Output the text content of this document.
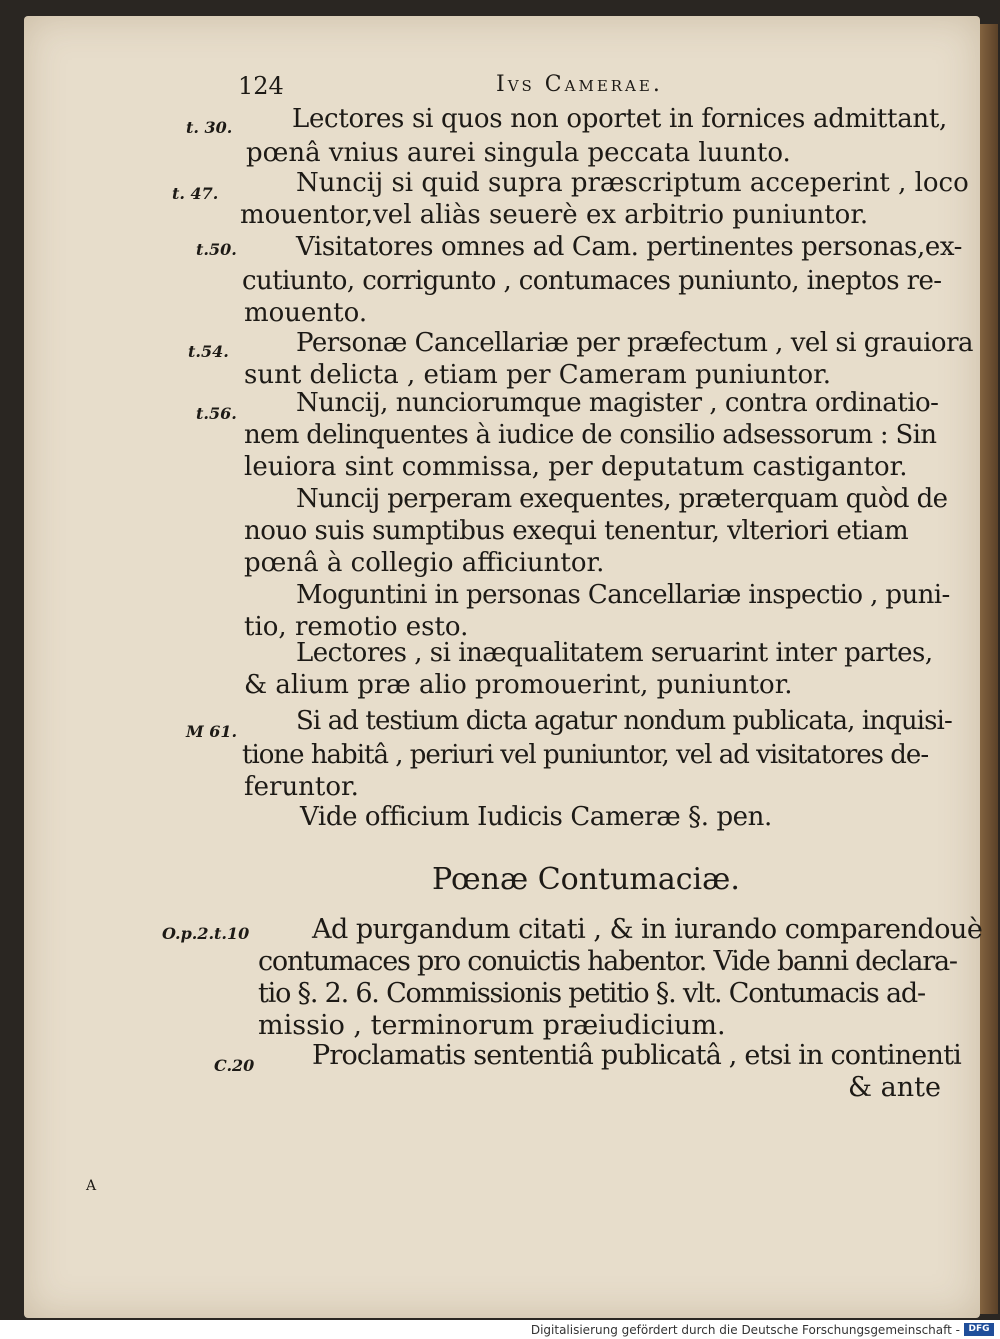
124	Ivs Camerae.
t. 30. Lectores si quos non oportet in fornices admittant,
pœnâ vnius aurei singula peccata luunto.
t. 47.	Nuncij si quid supra præscriptum acceperint , loco
mouentor,vel aliàs seuerè ex arbitrio puniuntor.
t.50. Visitatores omnes ad Cam. pertinentes personas,ex-
cutiunto, corrigunto , contumaces puniunto, ineptos re-
mouento.
t.54.	Personæ Cancellariæ per præfectum , vel si grauiora
sunt delicta , etiam per Cameram puniuntor.
t.56. Nuncij, nunciorumque magister , contra ordinatio-
nem delinquentes à iudice de consilio adsessorum : Sin
leuiora sint commissa, per deputatum castigantor.
Nuncij perperam exequentes, præterquam quòd de
nouo suis sumptibus exequi tenentur, vlteriori etiam
pœnâ à collegio afficiuntor.
Moguntini in personas Cancellariæ inspectio , puni-
tio, remotio esto.
Lectores , si inæqualitatem seruarint inter partes,
& alium præ alio promouerint, puniuntor.
M 61. Si ad testium dicta agatur nondum publicata, inquisi-
tione habitâ , periuri vel puniuntor, vel ad visitatores de-
feruntor.
Vide officium Iudicis Cameræ §. pen.
Pœnæ Contumaciæ.
O.p.2.t.10 Ad purgandum citati , & in iurando comparendouè
contumaces pro conuictis habentor. Vide banni declara-
tio §. 2. 6. Commissionis petitio §. vlt. Contumacis ad-
missio , terminorum præiudicium.
C.20 Proclamatis sententiâ publicatâ , etsi in continenti
& ante
A
Digitalisierung gefördert durch die Deutsche Forschungsgemeinschaft - DFG
